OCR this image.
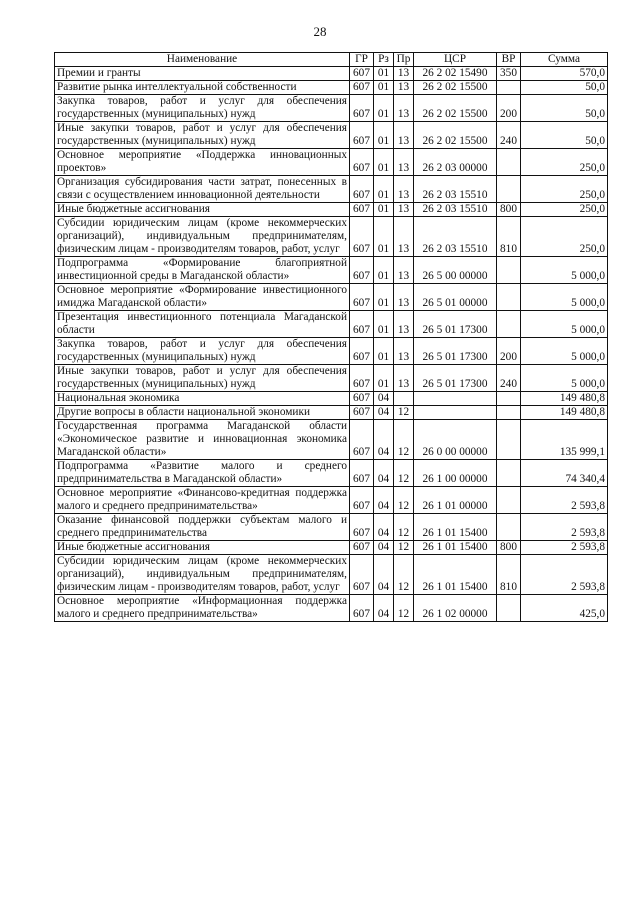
28
Наименование	ГР	Рз	Пр	ЦСР	ВР	Сумма
Премии и гранты	607	01	13	26 2 02 15490	350	570,0
Развитие рынка интеллектуальной собственности	607	01	13	26 2 02 15500		50,0
Закупка товаров, работ и услуг для обеспечения государственных (муниципальных) нужд	607	01	13	26 2 02 15500	200	50,0
Иные закупки товаров, работ и услуг для обеспечения государственных (муниципальных) нужд	607	01	13	26 2 02 15500	240	50,0
Основное мероприятие «Поддержка инновационных проектов»	607	01	13	26 2 03 00000		250,0
Организация субсидирования части затрат, понесенных в связи с осуществлением инновационной деятельности	607	01	13	26 2 03 15510		250,0
Иные бюджетные ассигнования	607	01	13	26 2 03 15510	800	250,0
Субсидии юридическим лицам (кроме некоммерческих организаций), индивидуальным предпринимателям, физическим лицам - производителям товаров, работ, услуг	607	01	13	26 2 03 15510	810	250,0
Подпрограмма «Формирование благоприятной инвестиционной среды в Магаданской области»	607	01	13	26 5 00 00000		5 000,0
Основное мероприятие «Формирование инвестиционного имиджа Магаданской области»	607	01	13	26 5 01 00000		5 000,0
Презентация инвестиционного потенциала Магаданской области	607	01	13	26 5 01 17300		5 000,0
Закупка товаров, работ и услуг для обеспечения государственных (муниципальных) нужд	607	01	13	26 5 01 17300	200	5 000,0
Иные закупки товаров, работ и услуг для обеспечения государственных (муниципальных) нужд	607	01	13	26 5 01 17300	240	5 000,0
Национальная экономика	607	04				149 480,8
Другие вопросы в области национальной экономики	607	04	12			149 480,8
Государственная программа Магаданской области «Экономическое развитие и инновационная экономика Магаданской области»	607	04	12	26 0 00 00000		135 999,1
Подпрограмма «Развитие малого и среднего предпринимательства в Магаданской области»	607	04	12	26 1 00 00000		74 340,4
Основное мероприятие «Финансово-кредитная поддержка малого и среднего предпринимательства»	607	04	12	26 1 01 00000		2 593,8
Оказание финансовой поддержки субъектам малого и среднего предпринимательства	607	04	12	26 1 01 15400		2 593,8
Иные бюджетные ассигнования	607	04	12	26 1 01 15400	800	2 593,8
Субсидии юридическим лицам (кроме некоммерческих организаций), индивидуальным предпринимателям, физическим лицам - производителям товаров, работ, услуг	607	04	12	26 1 01 15400	810	2 593,8
Основное мероприятие «Информационная поддержка малого и среднего предпринимательства»	607	04	12	26 1 02 00000		425,0
